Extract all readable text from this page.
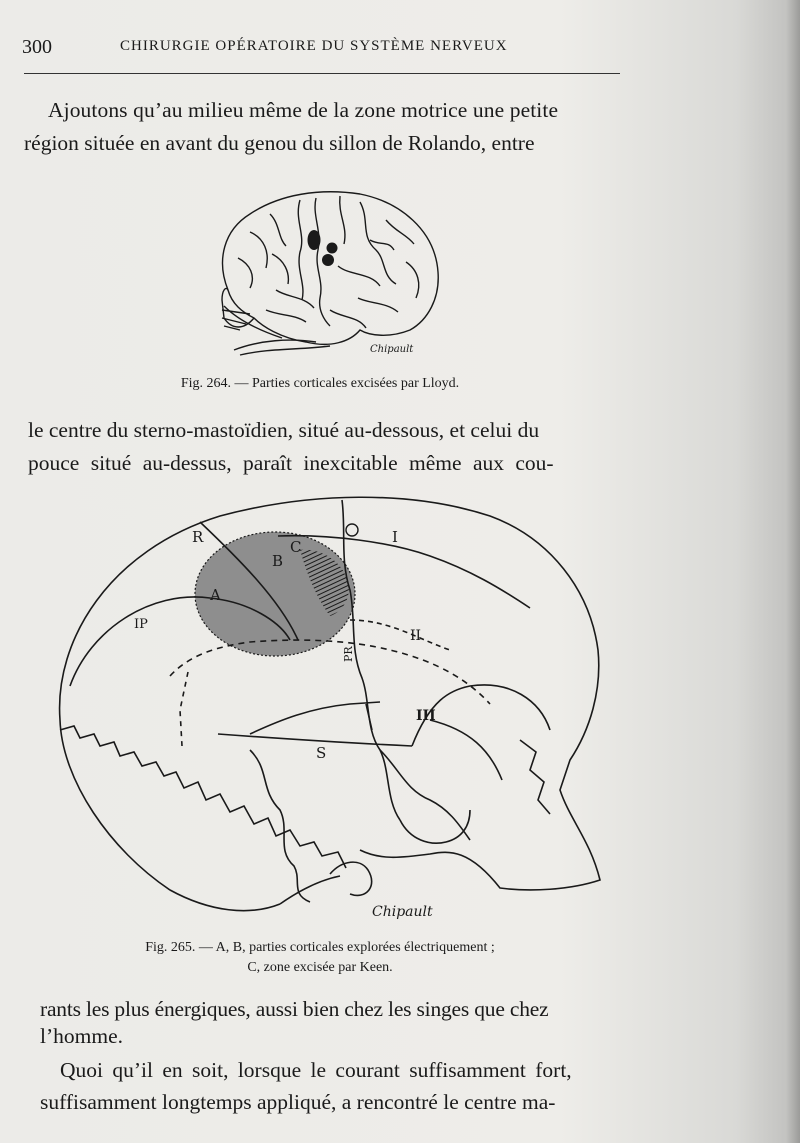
300	CHIRURGIE OPÉRATOIRE DU SYSTÈME NERVEUX
Ajoutons qu’au milieu même de la zone motrice une petite
région située en avant du genou du sillon de Rolando, entre
Chipault
Fig. 264. — Parties corticales excisées par Lloyd.
le centre du sterno-mastoïdien, situé au-dessous, et celui du
pouce situé au-dessus, paraît inexcitable même aux cou-
R
A
B
C
IP
I
II
III
PR
S
Chipault
Fig. 265. — A, B, parties corticales explorées électriquement ;
C, zone excisée par Keen.
rants les plus énergiques, aussi bien chez les singes que chez
l’homme.
Quoi qu’il en soit, lorsque le courant suffisamment fort,
suffisamment longtemps appliqué, a rencontré le centre ma-
